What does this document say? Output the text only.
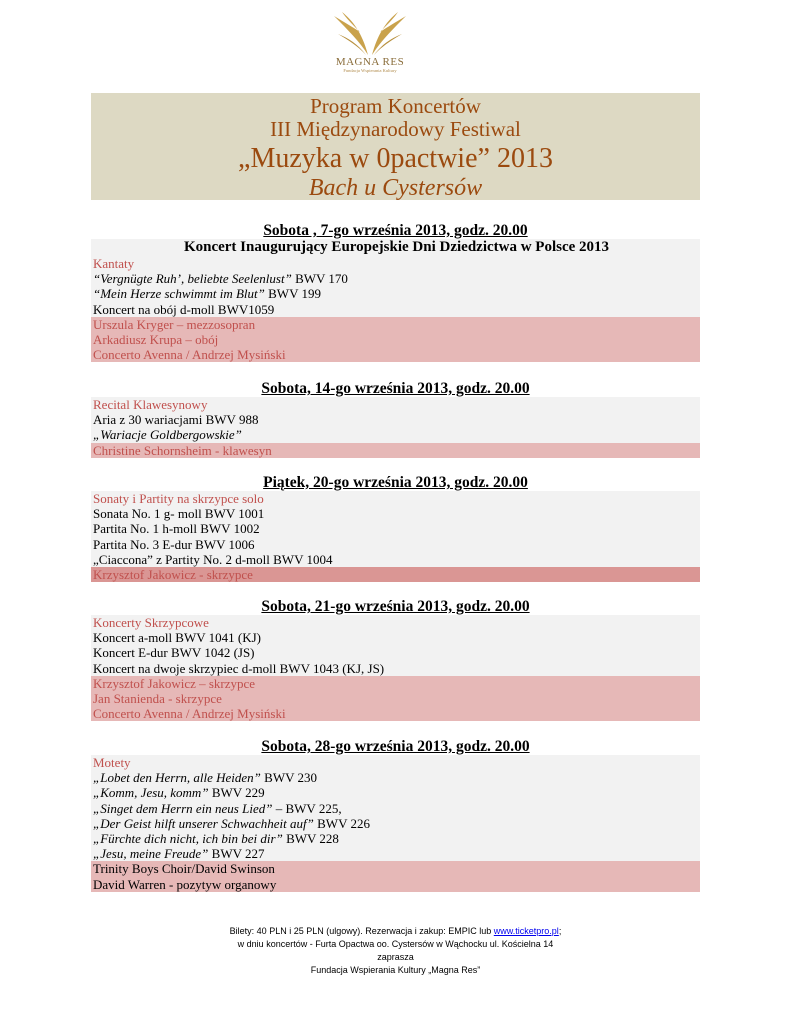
MAGNA RES
Fundacja Wspierania Kultury
Program Koncertów
III Międzynarodowy Festiwal
„Muzyka w 0pactwie” 2013
Bach u Cystersów
Sobota , 7-go września 2013, godz. 20.00
Koncert Inaugurujący Europejskie Dni Dziedzictwa w Polsce 2013
Kantaty
“Vergnügte Ruh’, beliebte Seelenlust” BWV 170
“Mein Herze schwimmt im Blut” BWV 199
Koncert na obój d-moll BWV1059
Urszula Kryger – mezzosopran
Arkadiusz Krupa – obój
Concerto Avenna / Andrzej Mysiński
Sobota, 14-go września 2013, godz. 20.00
Recital Klawesynowy
Aria z 30 wariacjami BWV 988
„Wariacje Goldbergowskie”
Christine Schornsheim - klawesyn
Piątek, 20-go września 2013, godz. 20.00
Sonaty i Partity na skrzypce solo
Sonata No. 1 g- moll BWV 1001
Partita No. 1 h-moll BWV 1002
Partita No. 3 E-dur BWV 1006
„Ciaccona” z Partity No. 2 d-moll BWV 1004
Krzysztof Jakowicz - skrzypce
Sobota, 21-go września 2013, godz. 20.00
Koncerty Skrzypcowe
Koncert a-moll BWV 1041 (KJ)
Koncert E-dur BWV 1042 (JS)
Koncert na dwoje skrzypiec d-moll BWV 1043 (KJ, JS)
Krzysztof Jakowicz – skrzypce
Jan Stanienda - skrzypce
Concerto Avenna / Andrzej Mysiński
Sobota, 28-go września 2013, godz. 20.00
Motety
„Lobet den Herrn, alle Heiden” BWV 230
„Komm, Jesu, komm” BWV 229
„Singet dem Herrn ein neus Lied” – BWV 225,
„Der Geist hilft unserer Schwachheit auf” BWV 226
„Fürchte dich nicht, ich bin bei dir” BWV 228
„Jesu, meine Freude” BWV 227
Trinity Boys Choir/David Swinson
David Warren - pozytyw organowy
Bilety: 40 PLN i 25 PLN (ulgowy). Rezerwacja i zakup: EMPIC lub www.ticketpro.pl;
w dniu koncertów - Furta Opactwa oo. Cystersów w Wąchocku ul. Kościelna 14
zaprasza
Fundacja Wspierania Kultury „Magna Res”
